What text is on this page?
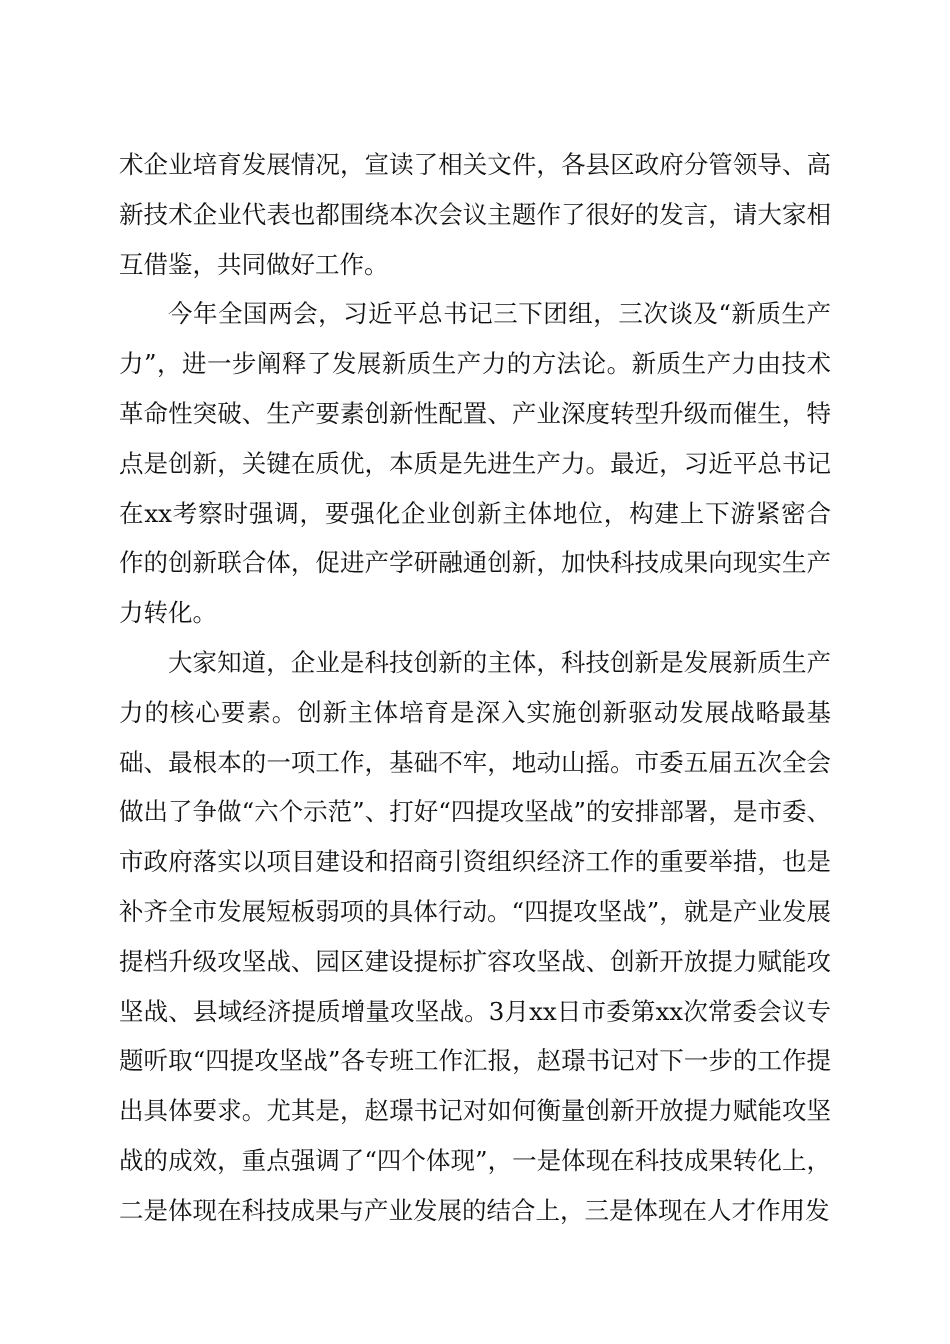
术企业培育发展情况，宣读了相关文件，各县区政府分管领导、高新技术企业代表也都围绕本次会议主题作了很好的发言，请大家相互借鉴，共同做好工作。

今年全国两会，习近平总书记三下团组，三次谈及“新质生产力”，进一步阐释了发展新质生产力的方法论。新质生产力由技术革命性突破、生产要素创新性配置、产业深度转型升级而催生，特点是创新，关键在质优，本质是先进生产力。最近，习近平总书记在xx考察时强调，要强化企业创新主体地位，构建上下游紧密合作的创新联合体，促进产学研融通创新，加快科技成果向现实生产力转化。

大家知道，企业是科技创新的主体，科技创新是发展新质生产力的核心要素。创新主体培育是深入实施创新驱动发展战略最基础、最根本的一项工作，基础不牢，地动山摇。市委五届五次全会做出了争做“六个示范”、打好“四提攻坚战”的安排部署，是市委、市政府落实以项目建设和招商引资组织经济工作的重要举措，也是补齐全市发展短板弱项的具体行动。“四提攻坚战”，就是产业发展提档升级攻坚战、园区建设提标扩容攻坚战、创新开放提力赋能攻坚战、县域经济提质增量攻坚战。3月xx日市委第xx次常委会议专题听取“四提攻坚战”各专班工作汇报，赵璟书记对下一步的工作提出具体要求。尤其是，赵璟书记对如何衡量创新开放提力赋能攻坚战的成效，重点强调了“四个体现”，一是体现在科技成果转化上，二是体现在科技成果与产业发展的结合上，三是体现在人才作用发
